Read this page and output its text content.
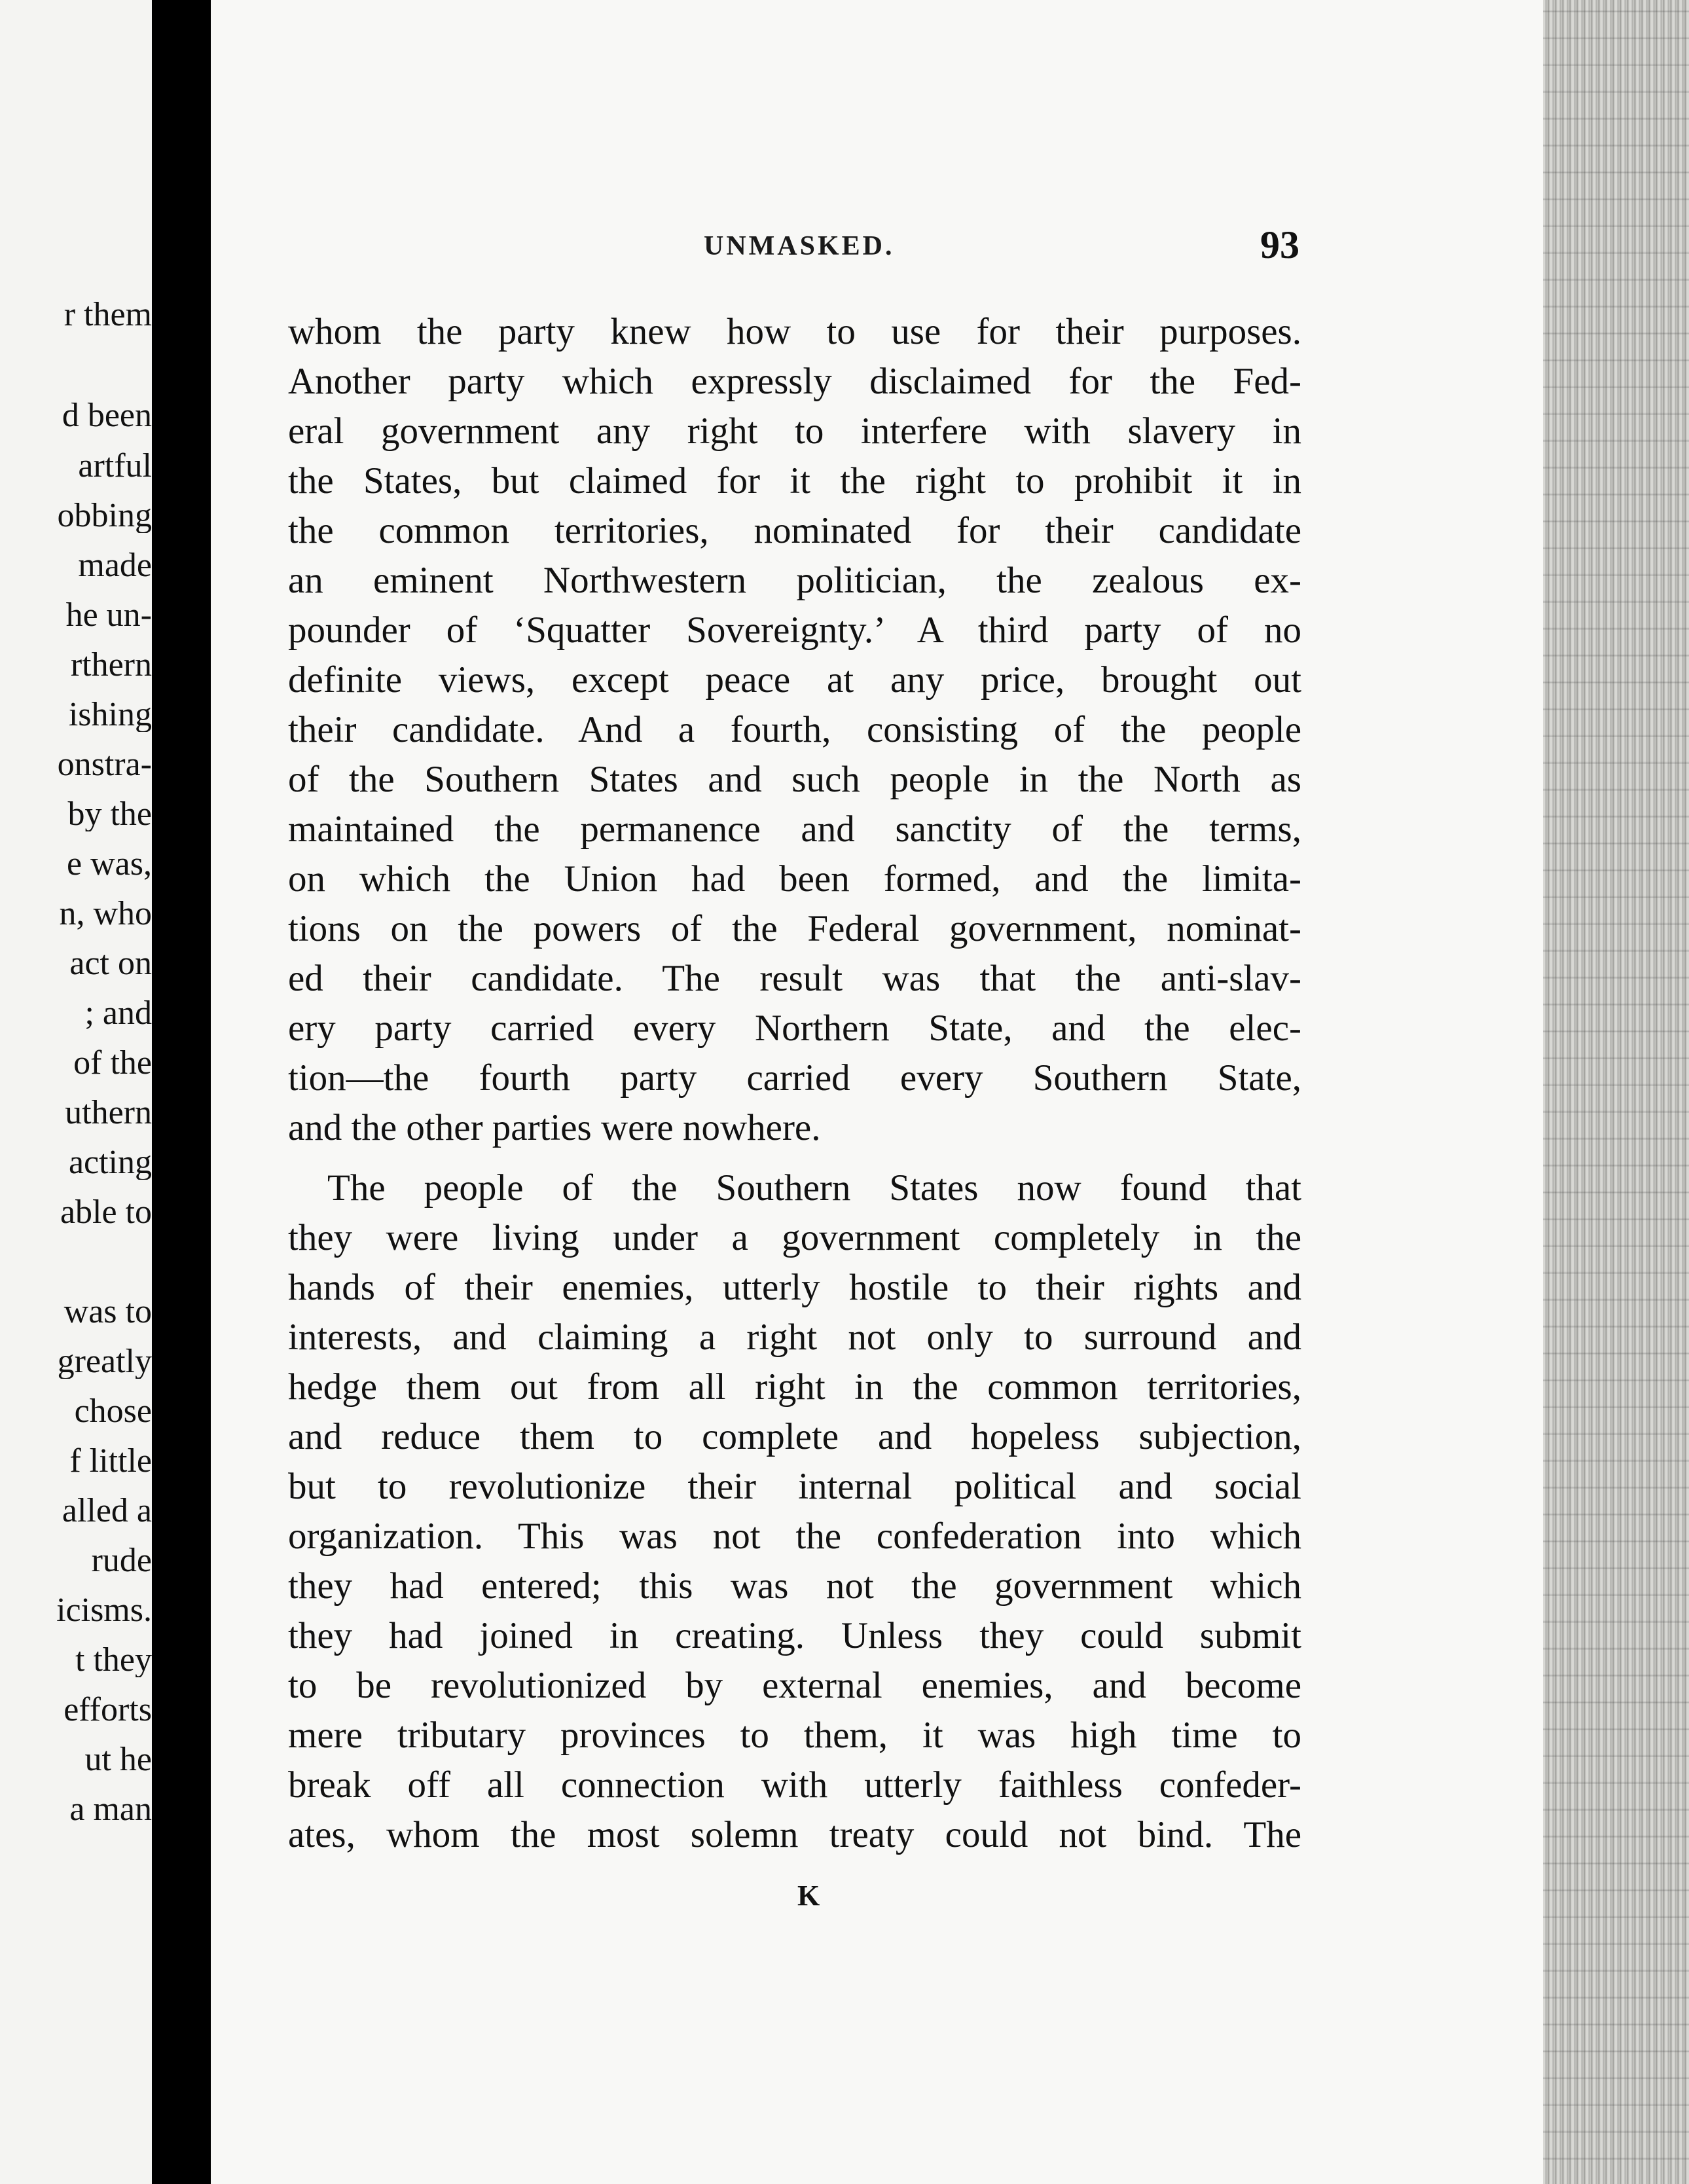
r them
d been
artful
obbing
made
he un-
rthern
ishing
onstra-
by the
e was,
n, who
act on
; and
of the
uthern
acting
able to
was to
greatly
chose
f little
alled a
rude
icisms.
t they
efforts
ut he
a man
UNMASKED.	93
whom the party knew how to use for their purposes.
Another party which expressly disclaimed for the Fed-
eral government any right to interfere with slavery in
the States, but claimed for it the right to prohibit it in
the common territories, nominated for their candidate
an eminent Northwestern politician, the zealous ex-
pounder of ‘Squatter Sovereignty.’ A third party of no
definite views, except peace at any price, brought out
their candidate. And a fourth, consisting of the people
of the Southern States and such people in the North as
maintained the permanence and sanctity of the terms,
on which the Union had been formed, and the limita-
tions on the powers of the Federal government, nominat-
ed their candidate. The result was that the anti-slav-
ery party carried every Northern State, and the elec-
tion—the fourth party carried every Southern State,
and the other parties were nowhere.
The people of the Southern States now found that
they were living under a government completely in the
hands of their enemies, utterly hostile to their rights and
interests, and claiming a right not only to surround and
hedge them out from all right in the common territories,
and reduce them to complete and hopeless subjection,
but to revolutionize their internal political and social
organization. This was not the confederation into which
they had entered; this was not the government which
they had joined in creating. Unless they could submit
to be revolutionized by external enemies, and become
mere tributary provinces to them, it was high time to
break off all connection with utterly faithless confeder-
ates, whom the most solemn treaty could not bind. The
K
